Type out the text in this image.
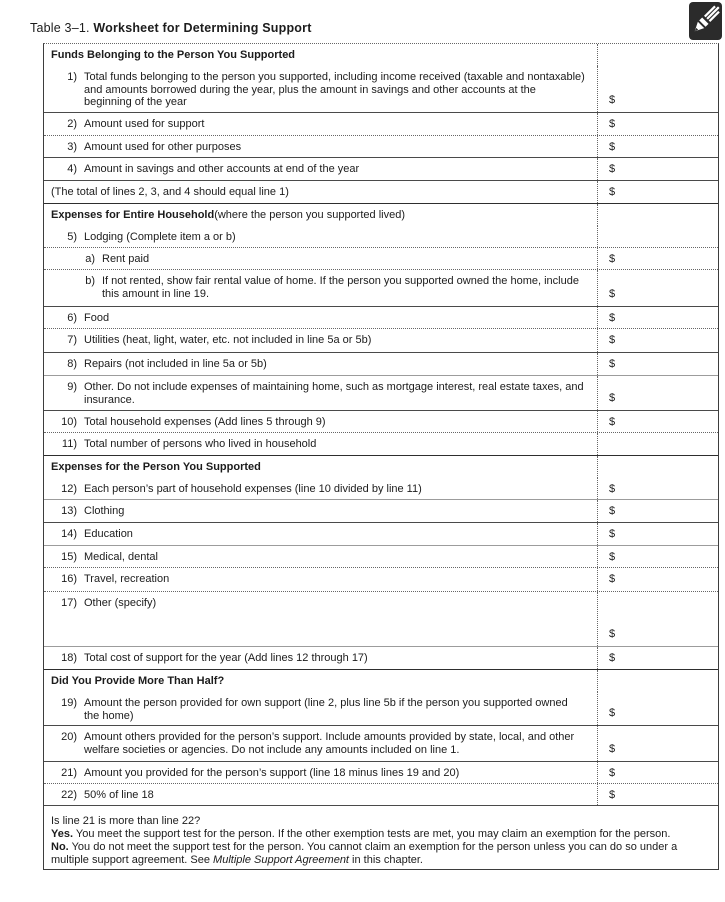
Table 3–1. Worksheet for Determining Support
Funds Belonging to the Person You Supported
1) Total funds belonging to the person you supported, including income received (taxable and nontaxable) and amounts borrowed during the year, plus the amount in savings and other accounts at the beginning of the year	$
2) Amount used for support	$
3) Amount used for other purposes	$
4) Amount in savings and other accounts at end of the year	$
(The total of lines 2, 3, and 4 should equal line 1)	$
Expenses for Entire Household (where the person you supported lived)
5) Lodging (Complete item a or b)
a) Rent paid	$
b) If not rented, show fair rental value of home. If the person you supported owned the home, include this amount in line 19.	$
6) Food	$
7) Utilities (heat, light, water, etc. not included in line 5a or 5b)	$
8) Repairs (not included in line 5a or 5b)	$
9) Other. Do not include expenses of maintaining home, such as mortgage interest, real estate taxes, and insurance.	$
10) Total household expenses (Add lines 5 through 9)	$
11) Total number of persons who lived in household
Expenses for the Person You Supported
12) Each person’s part of household expenses (line 10 divided by line 11)	$
13) Clothing	$
14) Education	$
15) Medical, dental	$
16) Travel, recreation	$
17) Other (specify)
$
18) Total cost of support for the year (Add lines 12 through 17)	$
Did You Provide More Than Half?
19) Amount the person provided for own support (line 2, plus line 5b if the person you supported owned the home)	$
20) Amount others provided for the person’s support. Include amounts provided by state, local, and other welfare societies or agencies. Do not include any amounts included on line 1.	$
21) Amount you provided for the person’s support (line 18 minus lines 19 and 20)	$
22) 50% of line 18	$

Is line 21 is more than line 22?

Yes. You meet the support test for the person. If the other exemption tests are met, you may claim an exemption for the person.

No. You do not meet the support test for the person. You cannot claim an exemption for the person unless you can do so under a multiple support agreement. See Multiple Support Agreement in this chapter.
